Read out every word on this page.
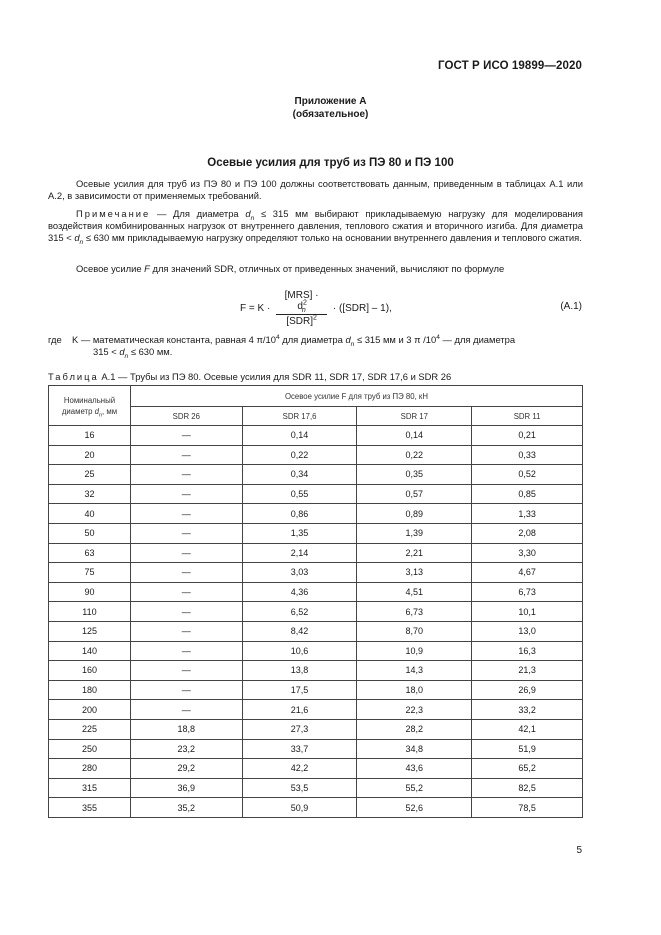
ГОСТ Р ИСО 19899—2020
Приложение А
(обязательное)
Осевые усилия для труб из ПЭ 80 и ПЭ 100

Осевые усилия для труб из ПЭ 80 и ПЭ 100 должны соответствовать данным, приведенным в таблицах А.1 или А.2, в зависимости от применяемых требований.

Примечание — Для диаметра $d_n \le 315$ мм выбирают прикладываемую нагрузку для моделирования воздействия комбинированных нагрузок от внутреннего давления, теплового сжатия и вторичного изгиба. Для диаметра $315 < d_n \le 630$ мм прикладываемую нагрузку определяют только на основании внутреннего давления и теплового сжатия.

Осевое усилие F для значений SDR, отличных от приведенных значений, вычисляют по формуле

$F = K \cdot \frac{[MRS] \cdot d^2_n}{[SDR]^2} \cdot ([SDR] - 1)$,	(А.1)
где K — математическая константа, равная 4 $\pi/10^4$ для диаметра $d_n \le 315$ мм и 3 π $/10^4$ — для диаметра
$315 < d_n \le 630$ мм.
Таблица А.1 — Трубы из ПЭ 80. Осевые усилия для SDR 11, SDR 17, SDR 17,6 и SDR 26
Номинальный
диаметр $d_n$, мм	Осевое усилие F для труб из ПЭ 80, кН			
	SDR 26	SDR 17,6	SDR 17	SDR 11
16	—	0,14	0,14	0,21
20	—	0,22	0,22	0,33
25	—	0,34	0,35	0,52
32	—	0,55	0,57	0,85
40	—	0,86	0,89	1,33
50	—	1,35	1,39	2,08
63	—	2,14	2,21	3,30
75	—	3,03	3,13	4,67
90	—	4,36	4,51	6,73
110	—	6,52	6,73	10,1
125	—	8,42	8,70	13,0
140	—	10,6	10,9	16,3
160	—	13,8	14,3	21,3
180	—	17,5	18,0	26,9
200	—	21,6	22,3	33,2
225	18,8	27,3	28,2	42,1
250	23,2	33,7	34,8	51,9
280	29,2	42,2	43,6	65,2
315	36,9	53,5	55,2	82,5
355	35,2	50,9	52,6	78,5
5
